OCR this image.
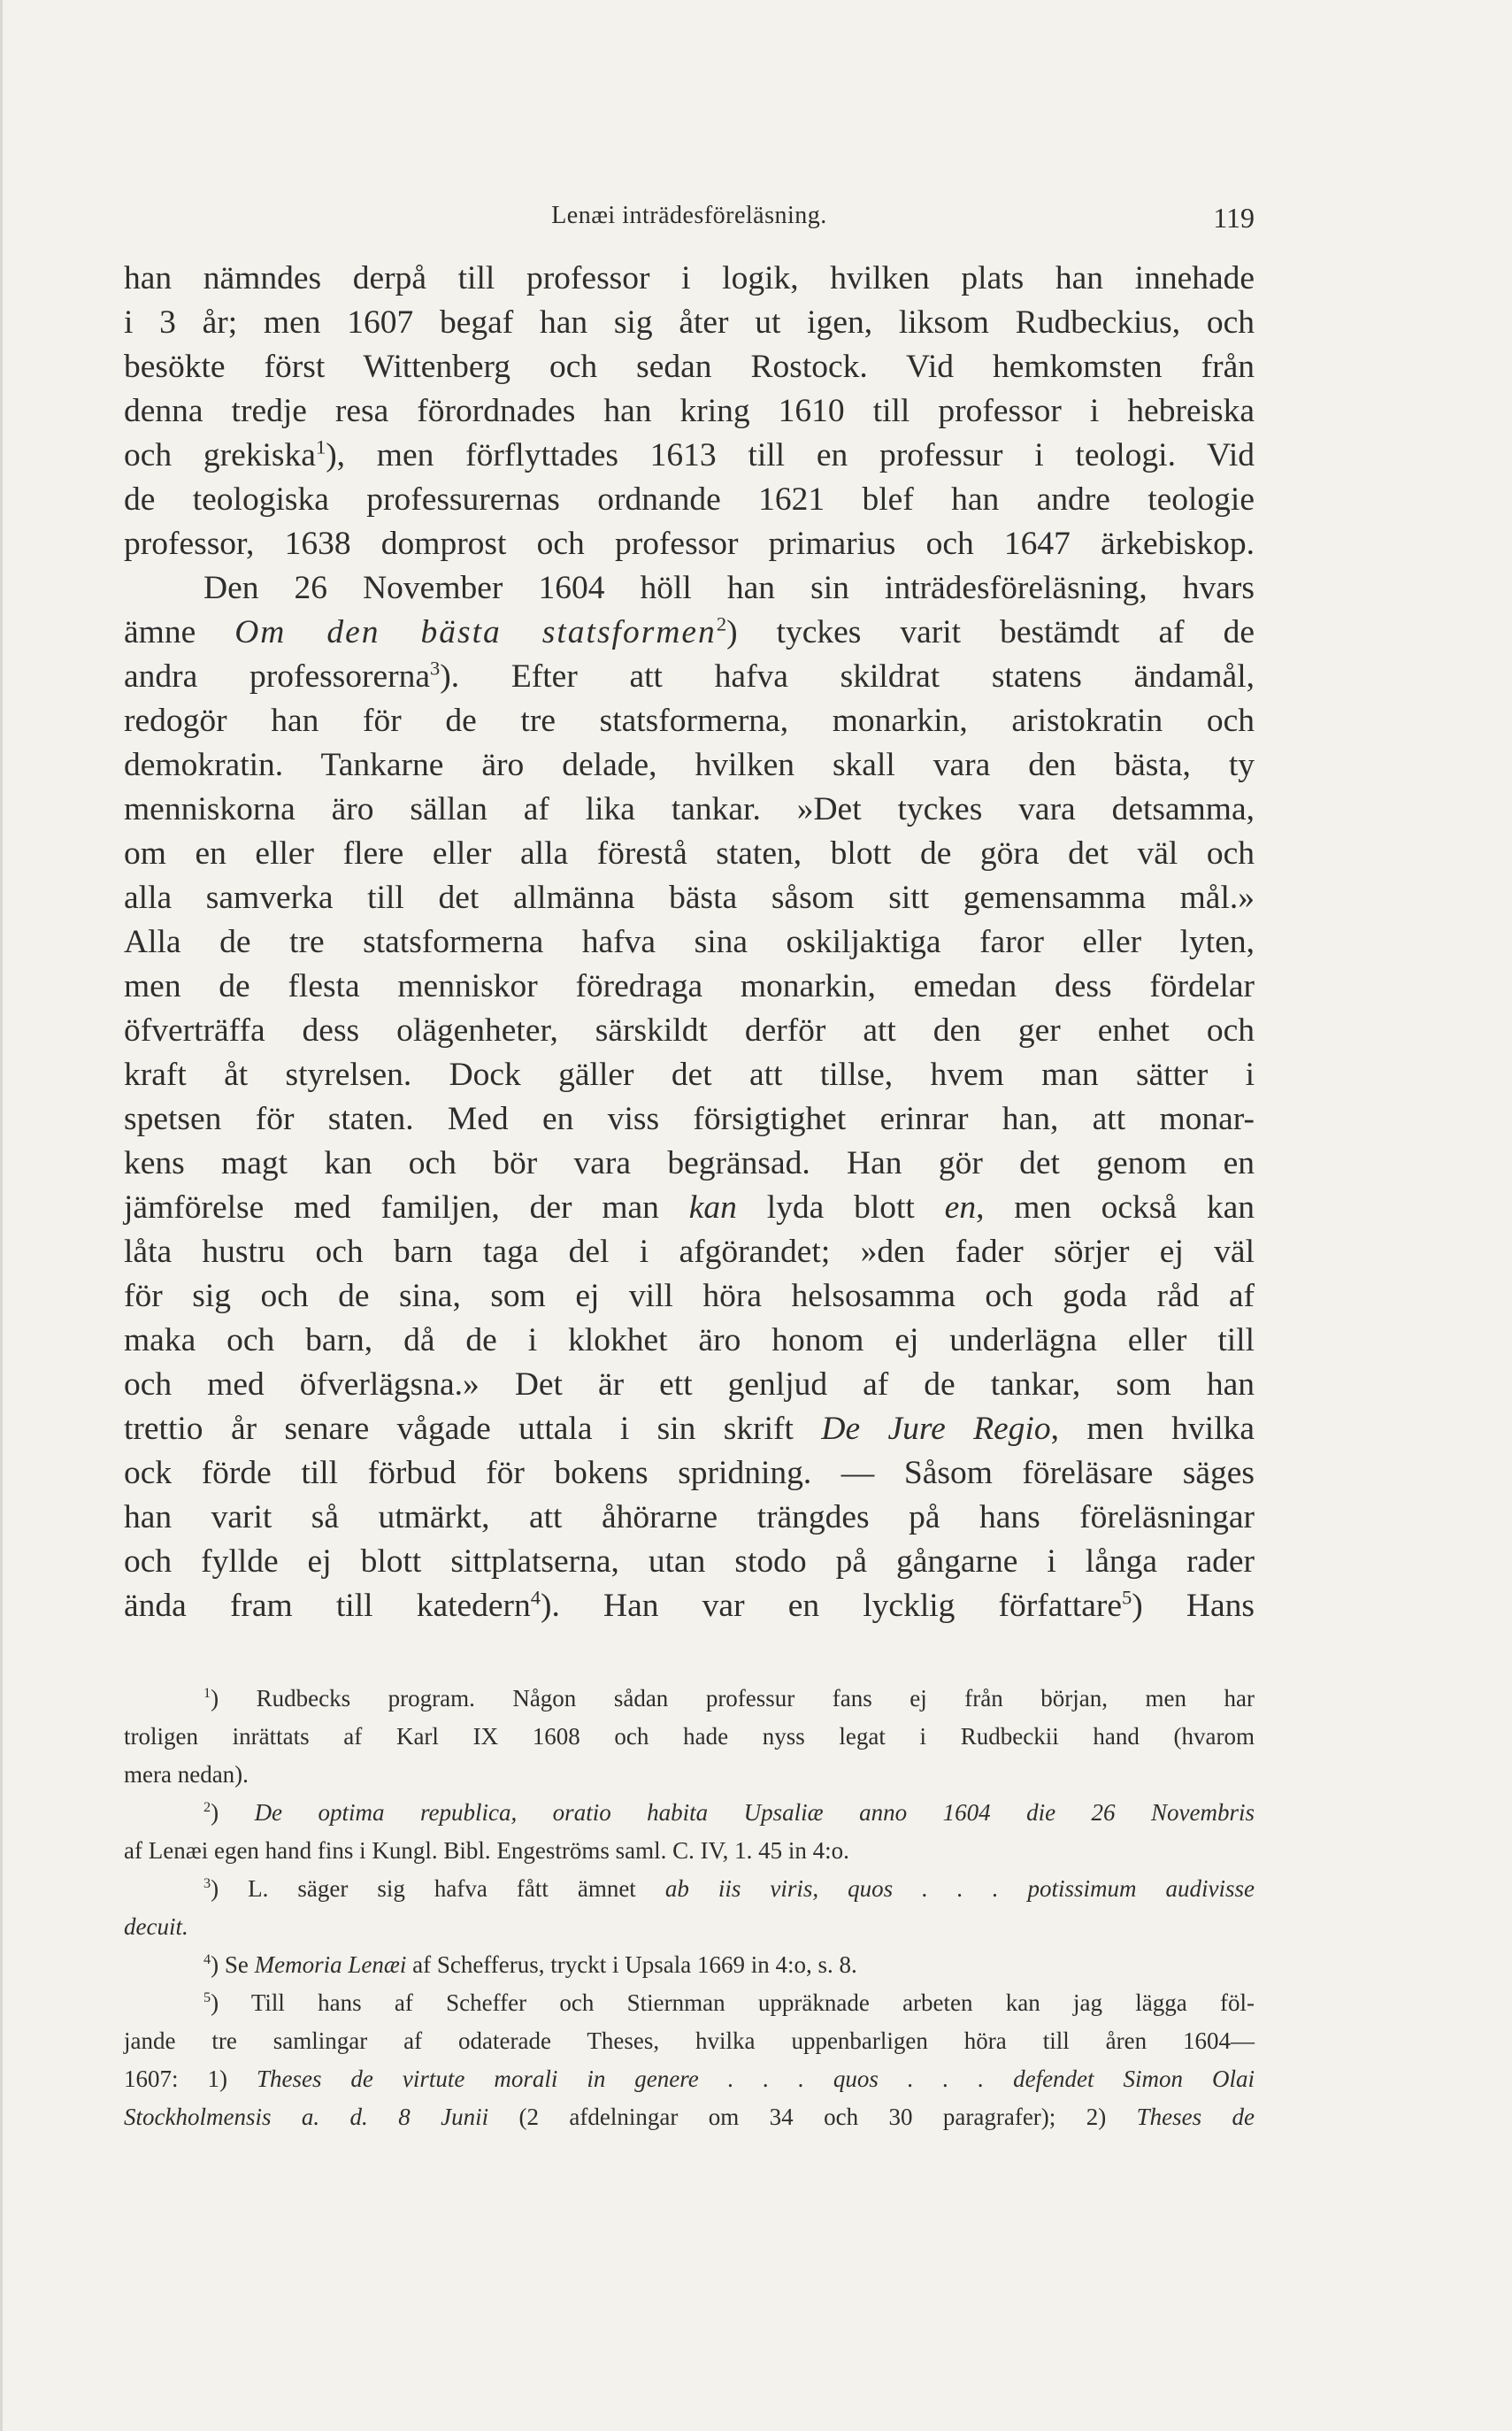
Lenæi inträdesföreläsning.	119
han nämndes derpå till professor i logik, hvilken plats han innehade
i 3 år; men 1607 begaf han sig åter ut igen, liksom Rudbeckius, och
besökte först Wittenberg och sedan Rostock. Vid hemkomsten från
denna tredje resa förordnades han kring 1610 till professor i hebreiska
och grekiska$^1$), men förflyttades 1613 till en professur i teologi. Vid
de teologiska professurernas ordnande 1621 blef han andre teologie
professor, 1638 domprost och professor primarius och 1647 ärkebiskop.
Den 26 November 1604 höll han sin inträdesföreläsning, hvars
ämne Om den bästa statsformen$^2$) tyckes varit bestämdt af de
andra professorerna$^3$). Efter att hafva skildrat statens ändamål,
redogör han för de tre statsformerna, monarkin, aristokratin och
demokratin. Tankarne äro delade, hvilken skall vara den bästa, ty
menniskorna äro sällan af lika tankar. »Det tyckes vara detsamma,
om en eller flere eller alla förestå staten, blott de göra det väl och
alla samverka till det allmänna bästa såsom sitt gemensamma mål.»
Alla de tre statsformerna hafva sina oskiljaktiga faror eller lyten,
men de flesta menniskor föredraga monarkin, emedan dess fördelar
öfverträffa dess olägenheter, särskildt derför att den ger enhet och
kraft åt styrelsen. Dock gäller det att tillse, hvem man sätter i
spetsen för staten. Med en viss försigtighet erinrar han, att monar-
kens magt kan och bör vara begränsad. Han gör det genom en
jämförelse med familjen, der man kan lyda blott en, men också kan
låta hustru och barn taga del i afgörandet; »den fader sörjer ej väl
för sig och de sina, som ej vill höra helsosamma och goda råd af
maka och barn, då de i klokhet äro honom ej underlägna eller till
och med öfverlägsna.» Det är ett genljud af de tankar, som han
trettio år senare vågade uttala i sin skrift De Jure Regio, men hvilka
ock förde till förbud för bokens spridning. — Såsom föreläsare säges
han varit så utmärkt, att åhörarne trängdes på hans föreläsningar
och fyllde ej blott sittplatserna, utan stodo på gångarne i långa rader
ända fram till katedern$^4$). Han var en lycklig författare$^5$) Hans
$^1$) Rudbecks program. Någon sådan professur fans ej från början, men har
troligen inrättats af Karl IX 1608 och hade nyss legat i Rudbeckii hand (hvarom
mera nedan).
$^2$) De optima republica, oratio habita Upsaliæ anno 1604 die 26 Novembris
af Lenæi egen hand fins i Kungl. Bibl. Engeströms saml. C. IV, 1. 45 in 4:o.
$^3$) L. säger sig hafva fått ämnet ab iis viris, quos . . . potissimum audivisse
decuit.
$^4$) Se Memoria Lenæi af Schefferus, tryckt i Upsala 1669 in 4:o, s. 8.
$^5$) Till hans af Scheffer och Stiernman uppräknade arbeten kan jag lägga föl-
jande tre samlingar af odaterade Theses, hvilka uppenbarligen höra till åren 1604—
1607: 1) Theses de virtute morali in genere . . . quos . . . defendet Simon Olai
Stockholmensis a. d. 8 Junii (2 afdelningar om 34 och 30 paragrafer); 2) Theses de
